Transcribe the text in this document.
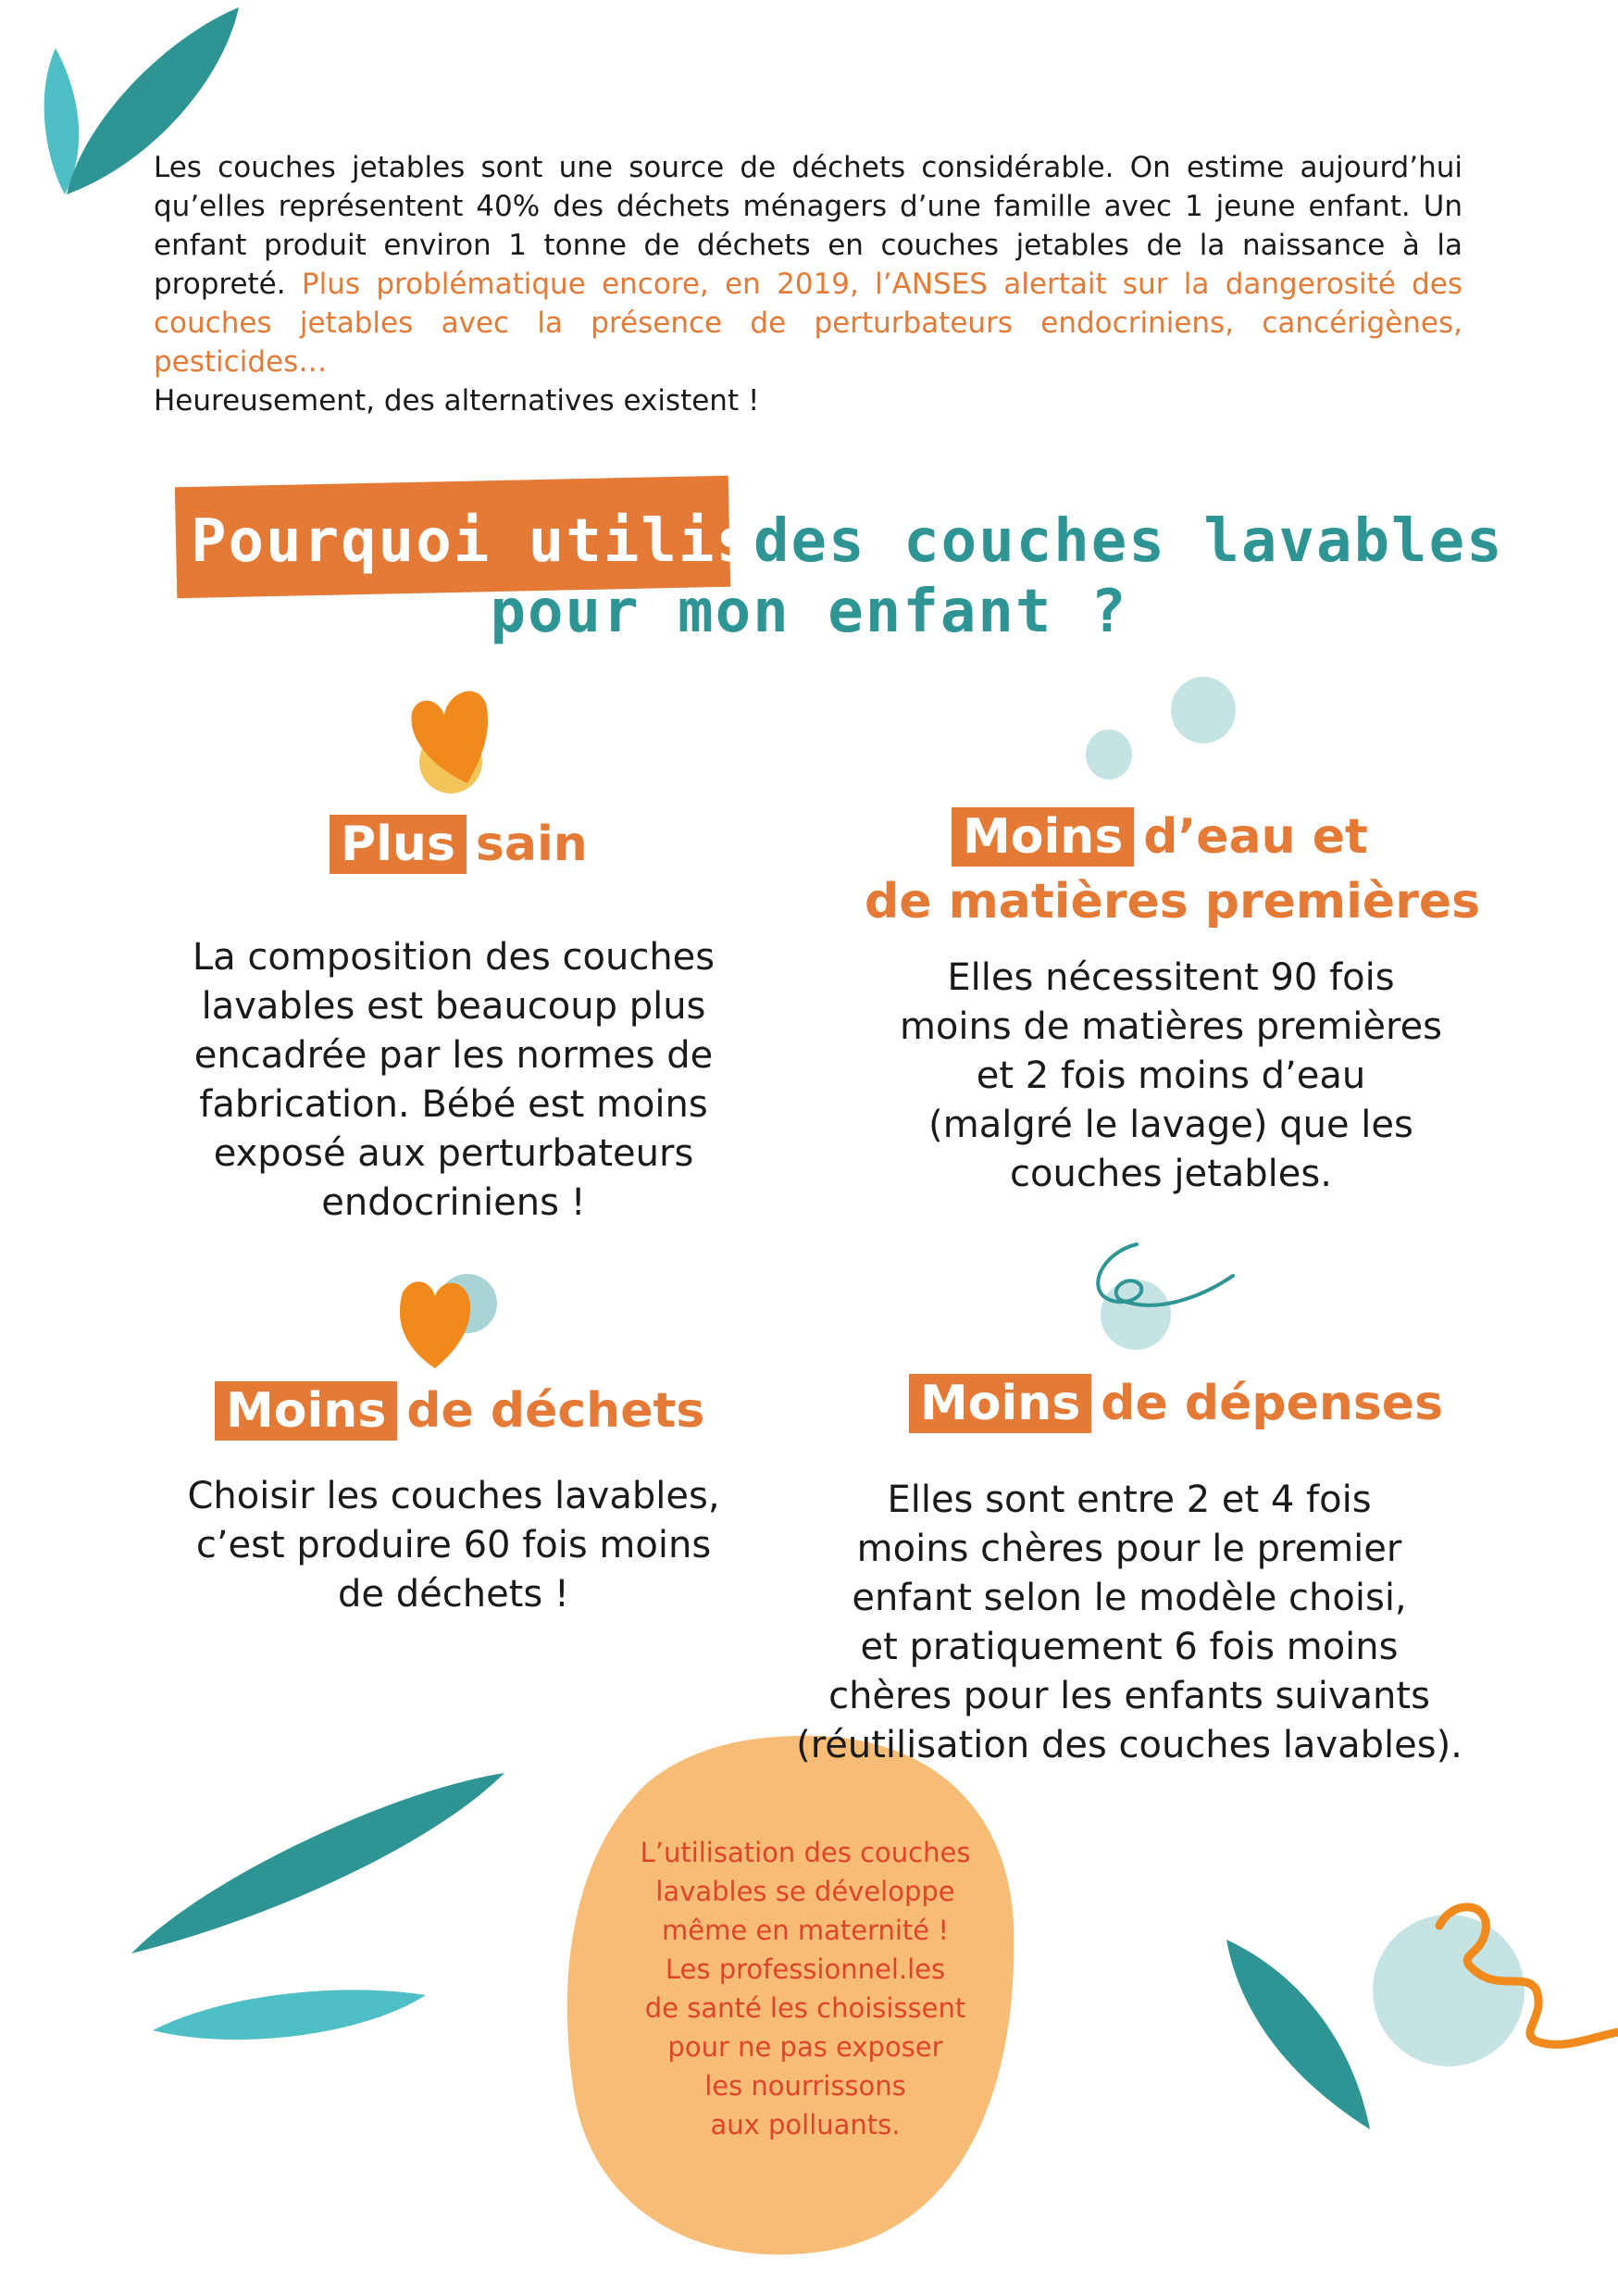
Les couches jetables sont une source de déchets considérable. On estime aujourd’hui qu’elles représentent 40% des déchets ménagers d’une famille avec 1 jeune enfant. Un enfant produit environ 1 tonne de déchets en couches jetables de la naissance à la propreté. Plus problématique encore, en 2019, l’ANSES alertait sur la dangerosité des couches jetables avec la présence de perturbateurs endocriniens, cancérigènes, pesticides…

Heureusement, des alternatives existent !

Pourquoi utiliser
des couches lavables
pour mon enfant ?
Plus sain
La composition des couches
lavables est beaucoup plus
encadrée par les normes de
fabrication. Bébé est moins
exposé aux perturbateurs
endocriniens !
Moins d’eau et
de matières premières
Elles nécessitent 90 fois
moins de matières premières
et 2 fois moins d’eau
(malgré le lavage) que les
couches jetables.
Moins de déchets
Choisir les couches lavables,
c’est produire 60 fois moins
de déchets !
Moins de dépenses
Elles sont entre 2 et 4 fois
moins chères pour le premier
enfant selon le modèle choisi,
et pratiquement 6 fois moins
chères pour les enfants suivants
(réutilisation des couches lavables).
L’utilisation des couches
lavables se développe
même en maternité !
Les professionnel.les
de santé les choisissent
pour ne pas exposer
les nourrissons
aux polluants.
